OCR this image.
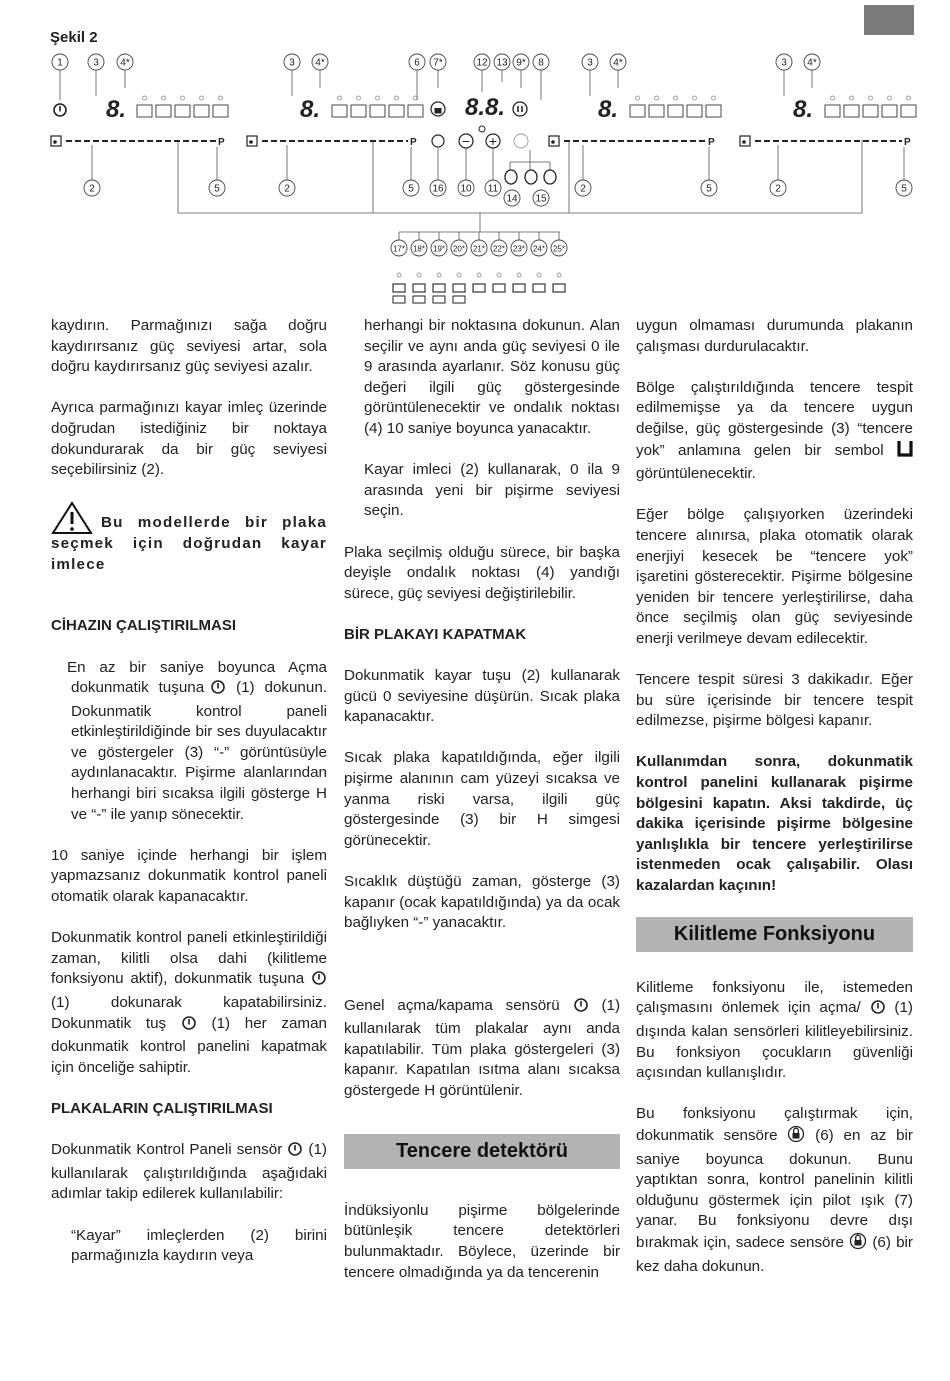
Şekil 2
1	3 4*
8.
P
2	5
3 4*
8.
P
2	5
6 7*	12 13 9* 8
8.8.
− +
16 10 11
14 15
3 4*
8.
P
2	5
3 4*
8.
P
2	5
17* 18* 19* 20* 21* 22* 23* 24* 25*

kaydırın. Parmağınızı sağa doğru kaydırırsanız güç seviyesi artar, sola doğru kaydırırsanız güç seviyesi azalır.

Ayrıca parmağınızı kayar imleç üzerinde doğrudan istediğiniz bir noktaya dokundurarak da bir güç seviyesi seçebilirsiniz (2).

Bu modellerde bir plaka seçmek için doğrudan kayar imlece

CİHAZIN ÇALIŞTIRILMASI

En az bir saniye boyunca Açma dokunmatik tuşuna (1) dokunun. Dokunmatik kontrol paneli etkinleştirildiğinde bir ses duyulacaktır ve göstergeler (3) “-” görüntüsüyle aydınlanacaktır. Pişirme alanlarından herhangi biri sıcaksa ilgili gösterge H ve “-” ile yanıp sönecektir.

10 saniye içinde herhangi bir işlem yapmazsanız dokunmatik kontrol paneli otomatik olarak kapanacaktır.

Dokunmatik kontrol paneli etkinleştirildiği zaman, kilitli olsa dahi (kilitleme fonksiyonu aktif), dokunmatik tuşuna  (1) dokunarak kapatabilirsiniz. Dokunmatik tuş	(1) her zaman dokunmatik kontrol panelini kapatmak için önceliğe sahiptir.

PLAKALARIN ÇALIŞTIRILMASI

Dokunmatik Kontrol Paneli sensör (1) kullanılarak çalıştırıldığında aşağıdaki adımlar takip edilerek kullanılabilir:

“Kayar” imleçlerden (2) birini parmağınızla kaydırın veya

herhangi bir noktasına dokunun. Alan seçilir ve aynı anda güç seviyesi 0 ile 9 arasında ayarlanır. Söz konusu güç değeri ilgili güç göstergesinde görüntülenecektir ve ondalık noktası (4) 10 saniye boyunca yanacaktır.

Kayar imleci (2) kullanarak, 0 ila 9 arasında yeni bir pişirme seviyesi seçin.

Plaka seçilmiş olduğu sürece, bir başka deyişle ondalık noktası (4) yandığı sürece, güç seviyesi değiştirilebilir.

BİR PLAKAYI KAPATMAK

Dokunmatik kayar tuşu (2) kullanarak gücü 0 seviyesine düşürün. Sıcak plaka kapanacaktır.

Sıcak plaka kapatıldığında, eğer ilgili pişirme alanının cam yüzeyi sıcaksa ve yanma riski varsa, ilgili güç göstergesinde (3) bir H simgesi görünecektir.

Sıcaklık düştüğü zaman, gösterge (3) kapanır (ocak kapatıldığında) ya da ocak bağlıyken “-” yanacaktır.

Genel açma/kapama sensörü	(1) kullanılarak tüm plakalar aynı anda kapatılabilir. Tüm plaka göstergeleri (3) kapanır. Kapatılan ısıtma alanı sıcaksa göstergede H görüntülenir.

Tencere detektörü

İndüksiyonlu pişirme bölgelerinde bütünleşik tencere detektörleri bulunmaktadır. Böylece, üzerinde bir tencere olmadığında ya da tencerenin

uygun olmaması durumunda plakanın çalışması durdurulacaktır.

Bölge çalıştırıldığında tencere tespit edilmemişse ya da tencere uygun değilse, güç göstergesinde (3) “tencere yok” anlamına gelen bir sembol  görüntülenecektir.

Eğer bölge çalışıyorken üzerindeki tencere alınırsa, plaka otomatik olarak enerjiyi kesecek be “tencere yok” işaretini gösterecektir. Pişirme bölgesine yeniden bir tencere yerleştirilirse, daha önce seçilmiş olan güç seviyesinde enerji verilmeye devam edilecektir.

Tencere tespit süresi 3 dakikadır. Eğer bu süre içerisinde bir tencere tespit edilmezse, pişirme bölgesi kapanır.

Kullanımdan sonra, dokunmatik kontrol panelini kullanarak pişirme bölgesini kapatın. Aksi takdirde, üç dakika içerisinde pişirme bölgesine yanlışlıkla bir tencere yerleştirilirse istenmeden ocak çalışabilir. Olası kazalardan kaçının!

Kilitleme Fonksiyonu

Kilitleme fonksiyonu ile, istemeden çalışmasını önlemek için açma/ (1) dışında kalan sensörleri kilitleyebilirsiniz. Bu fonksiyon çocukların güvenliği açısından kullanışlıdır.

Bu fonksiyonu çalıştırmak için, dokunmatik sensöre (6) en az bir saniye boyunca dokunun. Bunu yaptıktan sonra, kontrol panelinin kilitli olduğunu göstermek için pilot ışık (7) yanar. Bu fonksiyonu devre dışı bırakmak için, sadece sensöre (6) bir kez daha dokunun.
